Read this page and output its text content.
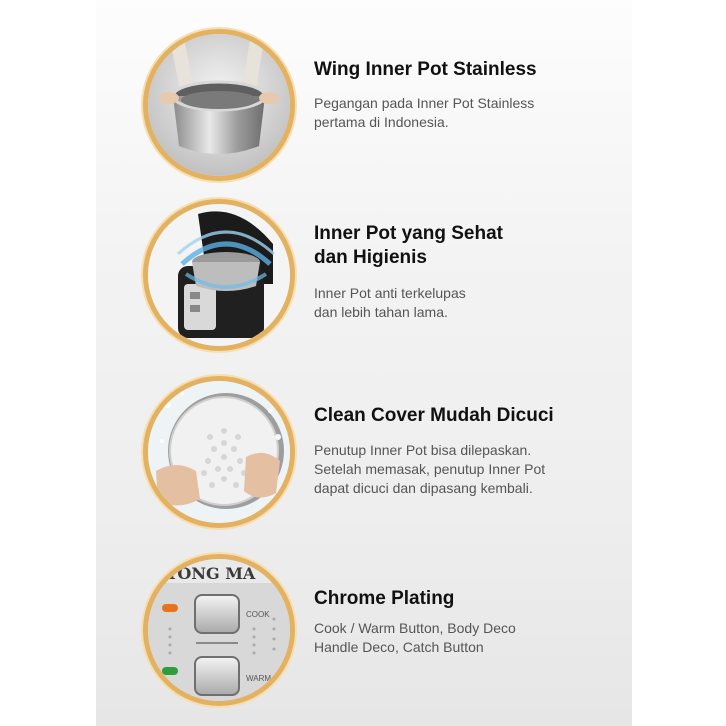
Wing Inner Pot Stainless

Pegangan pada Inner Pot Stainless
pertama di Indonesia.

Inner Pot yang Sehat
dan Higienis

Inner Pot anti terkelupas
dan lebih tahan lama.

Clean Cover Mudah Dicuci

Penutup Inner Pot bisa dilepaskan.
Setelah memasak, penutup Inner Pot
dapat dicuci dan dipasang kembali.

YONG MA
COOK
WARM
Chrome Plating

Cook / Warm Button, Body Deco
Handle Deco, Catch Button
